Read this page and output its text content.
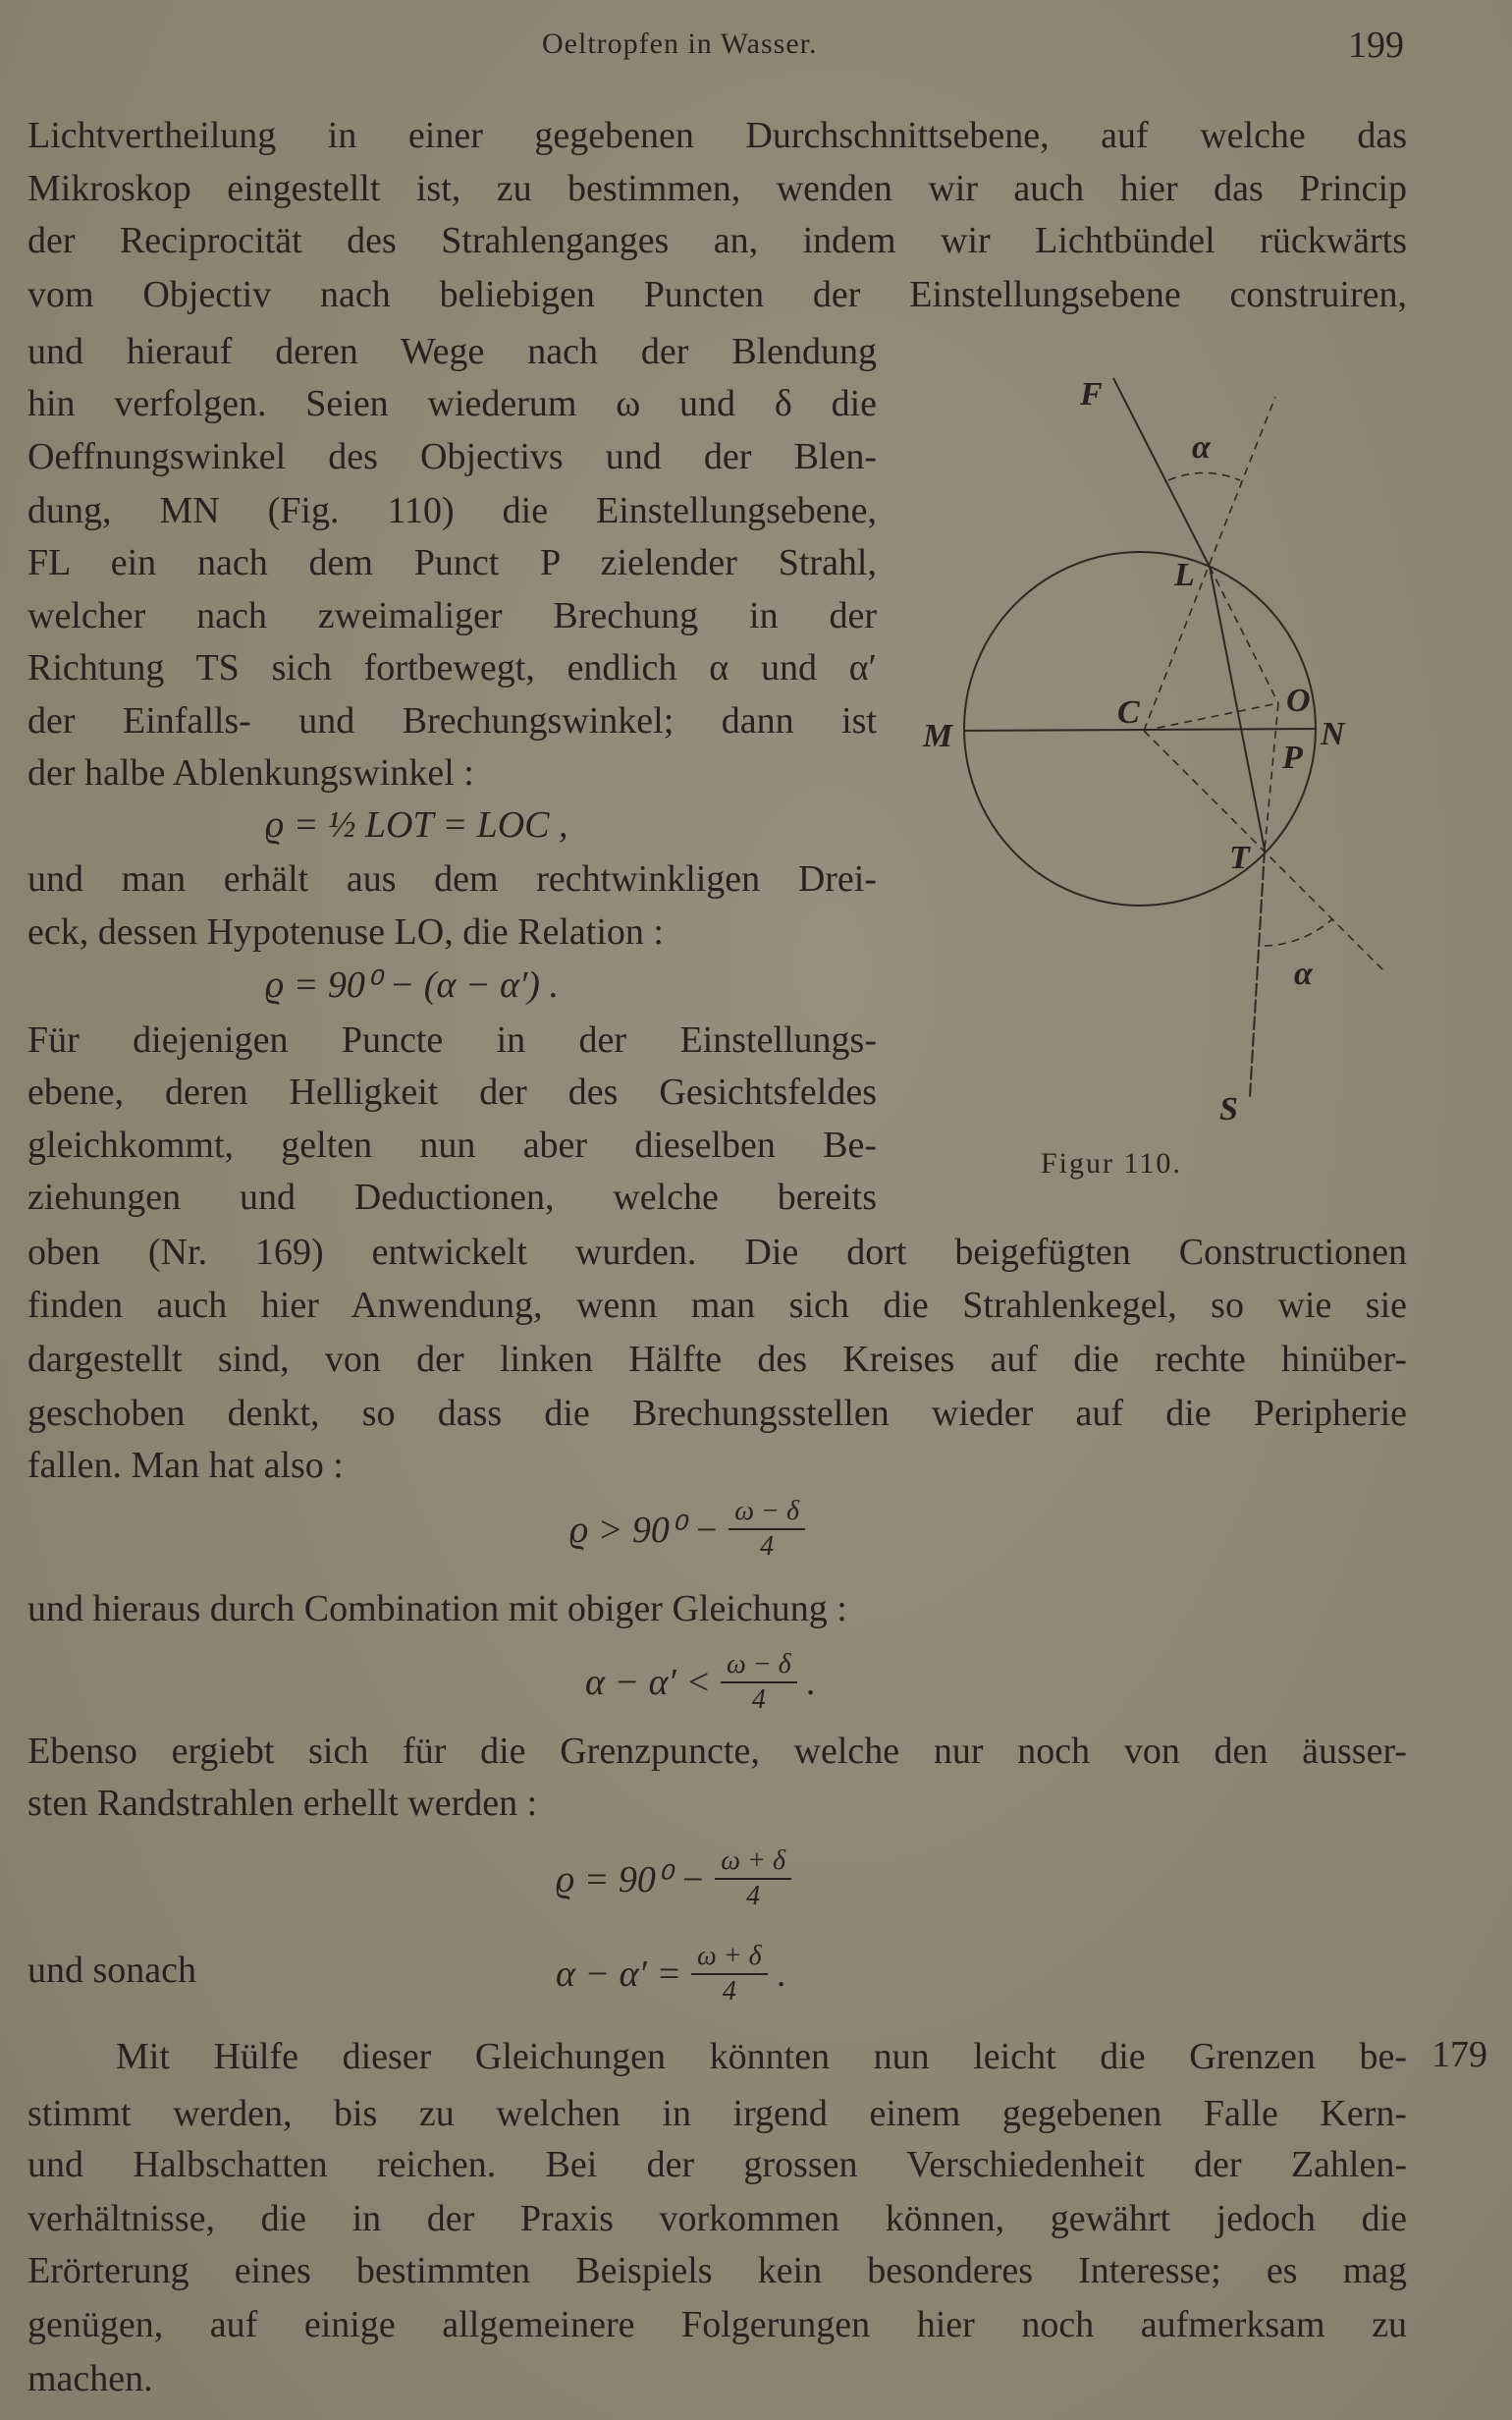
Oeltropfen in Wasser.	199
Lichtvertheilung in einer gegebenen Durchschnittsebene, auf welche das
Mikroskop eingestellt ist, zu bestimmen, wenden wir auch hier das Princip
der Reciprocität des Strahlenganges an, indem wir Lichtbündel rückwärts
vom Objectiv nach beliebigen Puncten der Einstellungsebene construiren,
und hierauf deren Wege nach der Blendung
hin verfolgen. Seien wiederum ω und δ die
Oeffnungswinkel des Objectivs und der Blen-
dung, MN (Fig. 110) die Einstellungsebene,
FL ein nach dem Punct P zielender Strahl,
welcher nach zweimaliger Brechung in der
Richtung TS sich fortbewegt, endlich α und α′
der Einfalls- und Brechungswinkel; dann ist
der halbe Ablenkungswinkel :
ϱ = ½ LOT = LOC ,
und man erhält aus dem rechtwinkligen Drei-
eck, dessen Hypotenuse LO, die Relation :
ϱ = 90⁰ − (α − α′) .
Für diejenigen Puncte in der Einstellungs-
ebene, deren Helligkeit der des Gesichtsfeldes
gleichkommt, gelten nun aber dieselben Be-
ziehungen und Deductionen, welche bereits
oben (Nr. 169) entwickelt wurden. Die dort beigefügten Constructionen
finden auch hier Anwendung, wenn man sich die Strahlenkegel, so wie sie
dargestellt sind, von der linken Hälfte des Kreises auf die rechte hinüber-
geschoben denkt, so dass die Brechungsstellen wieder auf die Peripherie
fallen. Man hat also :
$ϱ > 90^0 - \frac{\omega - \delta}{4}$
und hieraus durch Combination mit obiger Gleichung :
$\alpha - \alpha' < \frac{\omega - \delta}{4}$ .
Ebenso ergiebt sich für die Grenzpuncte, welche nur noch von den äusser-
sten Randstrahlen erhellt werden :
$ϱ = 90^0 - \frac{\omega + \delta}{4}$
und sonach	$\alpha - \alpha' = \frac{\omega + \delta}{4}$ .
Mit Hülfe dieser Gleichungen könnten nun leicht die Grenzen be- 179
stimmt werden, bis zu welchen in irgend einem gegebenen Falle Kern-
und Halbschatten reichen. Bei der grossen Verschiedenheit der Zahlen-
verhältnisse, die in der Praxis vorkommen können, gewährt jedoch die
Erörterung eines bestimmten Beispiels kein besonderes Interesse; es mag
genügen, auf einige allgemeinere Folgerungen hier noch aufmerksam zu
machen.
F
L
M	N
C	O
P
T
S
α
α
Figur 110.
